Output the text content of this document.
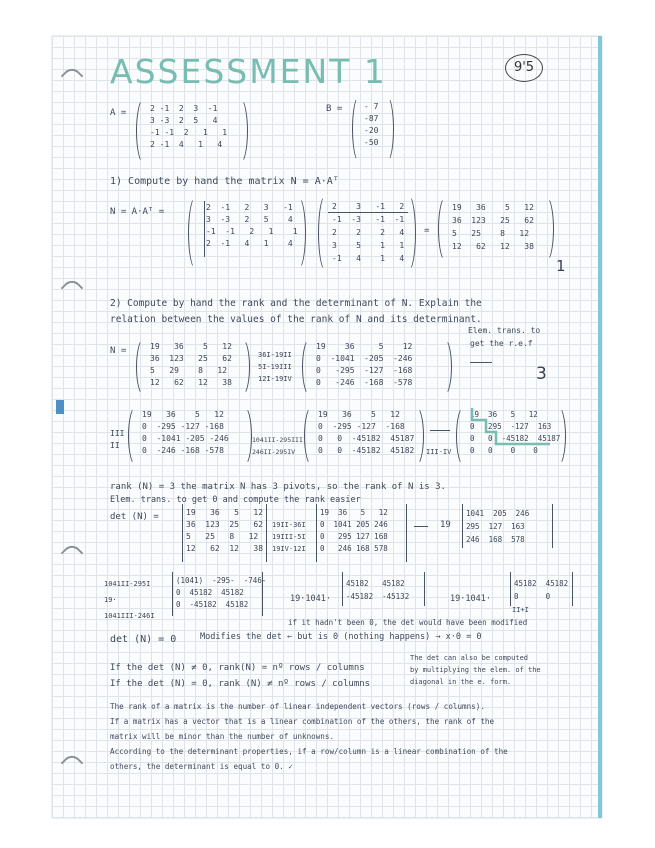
ASSESSMENT 1	9'5
A =	2 -1  2  3  -1
3 -3  2  5   4
-1 -1  2   1   1
2 -1  4   1   4
B =	- 7
-87
-20
-50
1) Compute by hand the matrix N = A·Aᵀ
N = A·Aᵀ =	2  -1   2   3   -1
3  -3   2   5    4
-1  -1   2   1    1
2  -1   4   1    4
2    3   -1   2
-1  -3   -1  -1
2    2    2   4
3    5    1   1
-1   4    1   4
=
19   36    5   12
36  123   25   62
5   25    8   12
12   62   12   38
1
2) Compute by hand the rank and the determinant of N. Explain the
relation between the values of the rank of N and its determinant.
Elem. trans. to
get the r.e.f
N =	19   36    5   12
36  123   25   62
5   29    8   12
12   62   12   38
36I-19II
5I-19III
12I-19IV
19    36     5    12
0  -1041  -205  -246
0   -295  -127  -168
0   -246  -168  -578	3
III
II
19   36    5   12
0  -295 -127 -168
0  -1041 -205 -246
0  -246 -168 -578
1041II-295III
246II-295IV
19   36    5   12
0  -295 -127  -168
0   0  -45182  45187
0   0  -45182  45182 III-IV
19  36   5   12
0  -295  -127  163
0   0  -45182  45187
0   0    0    0
rank (N) = 3 the matrix N has 3 pivots, so the rank of N is 3.
Elem. trans. to get 0 and compute the rank easier
det (N) =	19   36   5   12
36  123  25   62
5   25   8   12
12   62  12   38
19II-36I
19III-5I
19IV-12I
19  36   5   12
0  1041 205 246
0   295 127 168
0   246 168 578
19
1041  205  246
295  127  163
246  168  578
1041II-295I
19·
1041III-246I
(1041)  -295-  -746-
0  45182  45182
0  -45182  45182
19·1041·
45182   45182
-45182  -45132	19·1041·
45182  45182
0      0
II+I
if it hadn't been 0, the det would have been modified
det (N) = 0	Modifies the det ← but is 0 (nothing happens) → x·0 = 0
If the det (N) ≠ 0, rank(N) = nº rows / columns
If the det (N) = 0, rank (N) ≠ nº rows / columns
The det can also be computed
by multiplying the elem. of the
diagonal in the e. form.
The rank of a matrix is the number of linear independent vectors (rows / columns).
If a matrix has a vector that is a linear combination of the others, the rank of the
matrix will be minor than the number of unknowns.
According to the determinant properties, if a row/column is a linear combination of the
others, the determinant is equal to 0. ✓
